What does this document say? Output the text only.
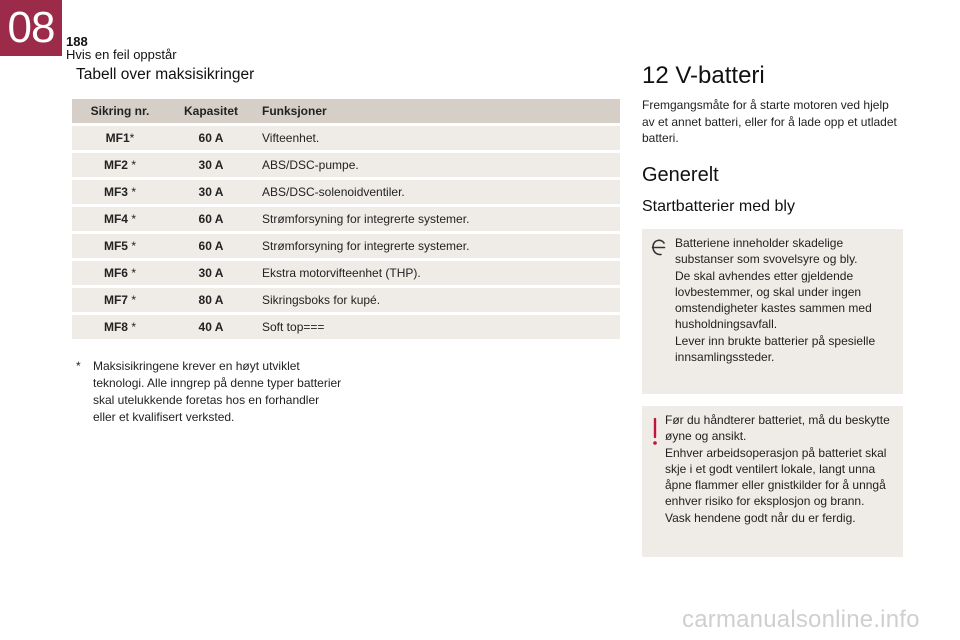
08 188
Hvis en feil oppstår
Tabell over maksisikringer
Sikring nr.	Kapasitet	Funksjoner
MF1*	60 A	Vifteenhet.
MF2 *	30 A	ABS/DSC-pumpe.
MF3 *	30 A	ABS/DSC-solenoidventiler.
MF4 *	60 A	Strømforsyning for integrerte systemer.
MF5 *	60 A	Strømforsyning for integrerte systemer.
MF6 *	30 A	Ekstra motorvifteenhet (THP).
MF7 *	80 A	Sikringsboks for kupé.
MF8 *	40 A	Soft top===
* Maksisikringene krever en høyt utviklet teknologi. Alle inngrep på denne typer batterier skal utelukkende foretas hos en forhandler eller et kvalifisert verksted.
12 V-batteri
Fremgangsmåte for å starte motoren ved hjelp av et annet batteri, eller for å lade opp et utladet batteri.
Generelt
Startbatterier med bly

Batteriene inneholder skadelige substanser som svovelsyre og bly.

De skal avhendes etter gjeldende lovbestemmer, og skal under ingen omstendigheter kastes sammen med husholdningsavfall.

Lever inn brukte batterier på spesielle innsamlingssteder.

Før du håndterer batteriet, må du beskytte øyne og ansikt.

Enhver arbeidsoperasjon på batteriet skal skje i et godt ventilert lokale, langt unna åpne flammer eller gnistkilder for å unngå enhver risiko for eksplosjon og brann.

Vask hendene godt når du er ferdig.

carmanualsonline.info
